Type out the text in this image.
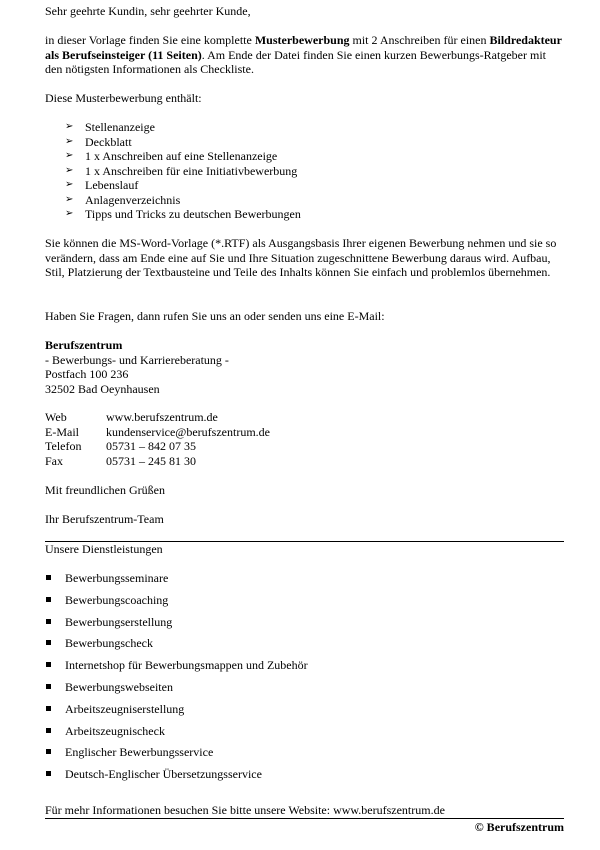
Sehr geehrte Kundin, sehr geehrter Kunde,

in dieser Vorlage finden Sie eine komplette Musterbewerbung mit 2 Anschreiben für einen Bildredakteur als Berufseinsteiger (11 Seiten). Am Ende der Datei finden Sie einen kurzen Bewerbungs-Ratgeber mit den nötigsten Informationen als Checkliste.

Diese Musterbewerbung enthält:

➢ Stellenanzeige
➢ Deckblatt
➢ 1 x Anschreiben auf eine Stellenanzeige
➢ 1 x Anschreiben für eine Initiativbewerbung
➢ Lebenslauf
➢ Anlagenverzeichnis
➢ Tipps und Tricks zu deutschen Bewerbungen

Sie können die MS-Word-Vorlage (*.RTF) als Ausgangsbasis Ihrer eigenen Bewerbung nehmen und sie so verändern, dass am Ende eine auf Sie und Ihre Situation zugeschnittene Bewerbung daraus wird. Aufbau, Stil, Platzierung der Textbausteine und Teile des Inhalts können Sie einfach und problemlos übernehmen.

Haben Sie Fragen, dann rufen Sie uns an oder senden uns eine E-Mail:

Berufszentrum

- Bewerbungs- und Karriereberatung -

Postfach 100 236

32502 Bad Oeynhausen

Web	www.berufszentrum.de
E-Mail	kundenservice@berufszentrum.de
Telefon	05731 – 842 07 35
Fax	05731 – 245 81 30

Mit freundlichen Grüßen

Ihr Berufszentrum-Team

Unsere Dienstleistungen

Bewerbungsseminare
Bewerbungscoaching
Bewerbungserstellung
Bewerbungscheck
Internetshop für Bewerbungsmappen und Zubehör
Bewerbungswebseiten
Arbeitszeugniserstellung
Arbeitszeugnischeck
Englischer Bewerbungsservice
Deutsch-Englischer Übersetzungsservice

Für mehr Informationen besuchen Sie bitte unsere Website: www.berufszentrum.de

© Berufszentrum
